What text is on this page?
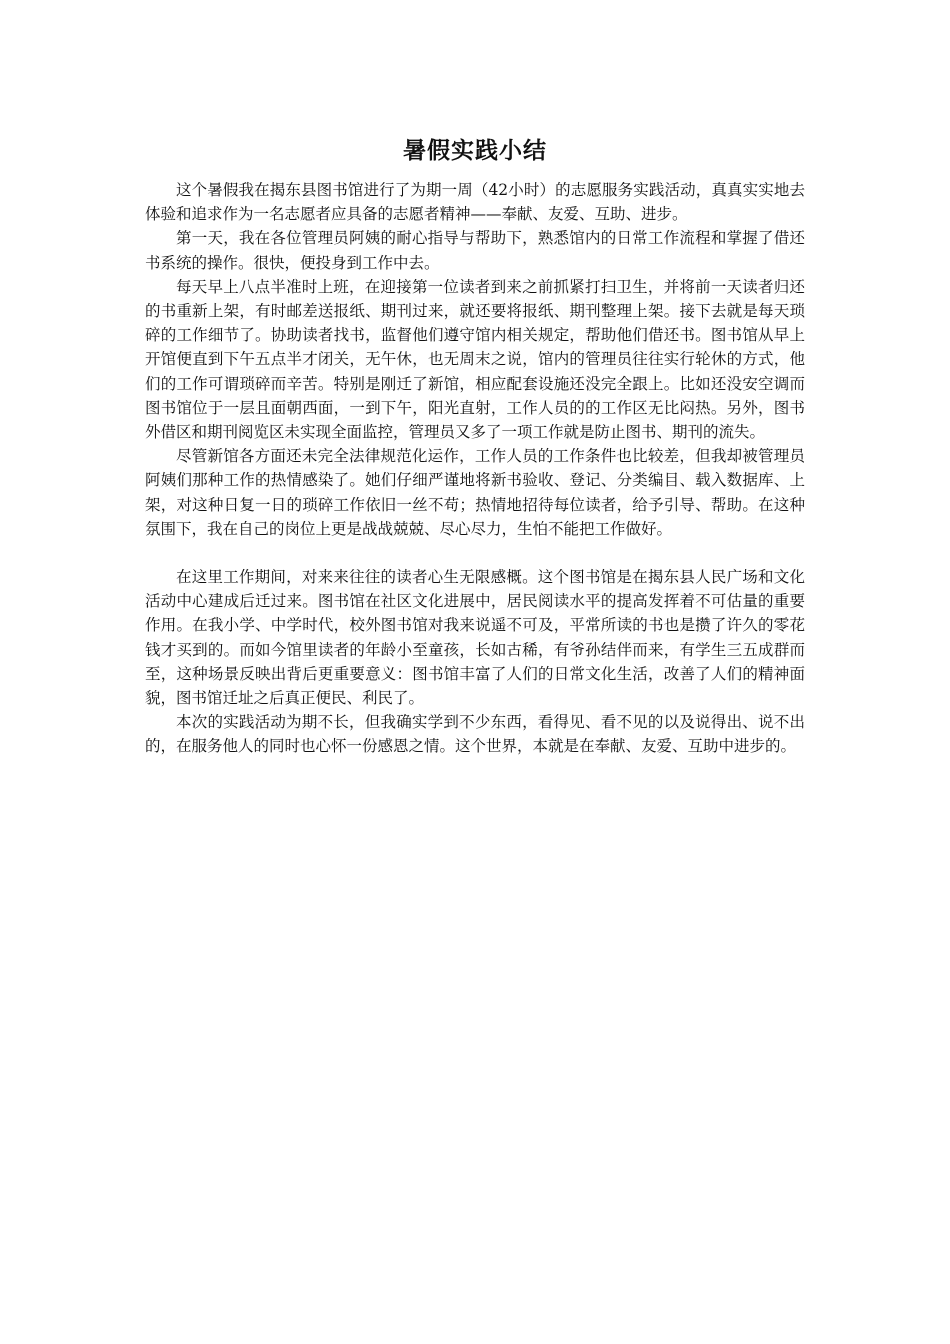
暑假实践小结

这个暑假我在揭东县图书馆进行了为期一周（42小时）的志愿服务实践活动，真真实实地去体验和追求作为一名志愿者应具备的志愿者精神——奉献、友爱、互助、进步。

第一天，我在各位管理员阿姨的耐心指导与帮助下，熟悉馆内的日常工作流程和掌握了借还书系统的操作。很快，便投身到工作中去。

每天早上八点半准时上班，在迎接第一位读者到来之前抓紧打扫卫生，并将前一天读者归还的书重新上架，有时邮差送报纸、期刊过来，就还要将报纸、期刊整理上架。接下去就是每天琐碎的工作细节了。协助读者找书，监督他们遵守馆内相关规定，帮助他们借还书。图书馆从早上开馆便直到下午五点半才闭关，无午休，也无周末之说，馆内的管理员往往实行轮休的方式，他们的工作可谓琐碎而辛苦。特别是刚迁了新馆，相应配套设施还没完全跟上。比如还没安空调而图书馆位于一层且面朝西面，一到下午，阳光直射，工作人员的的工作区无比闷热。另外，图书外借区和期刊阅览区未实现全面监控，管理员又多了一项工作就是防止图书、期刊的流失。

尽管新馆各方面还未完全法律规范化运作，工作人员的工作条件也比较差，但我却被管理员阿姨们那种工作的热情感染了。她们仔细严谨地将新书验收、登记、分类编目、载入数据库、上架，对这种日复一日的琐碎工作依旧一丝不苟；热情地招待每位读者，给予引导、帮助。在这种氛围下，我在自己的岗位上更是战战兢兢、尽心尽力，生怕不能把工作做好。

在这里工作期间，对来来往往的读者心生无限感概。这个图书馆是在揭东县人民广场和文化活动中心建成后迁过来。图书馆在社区文化进展中，居民阅读水平的提高发挥着不可估量的重要作用。在我小学、中学时代，校外图书馆对我来说遥不可及，平常所读的书也是攒了许久的零花钱才买到的。而如今馆里读者的年龄小至童孩，长如古稀，有爷孙结伴而来，有学生三五成群而至，这种场景反映出背后更重要意义：图书馆丰富了人们的日常文化生活，改善了人们的精神面貌，图书馆迁址之后真正便民、利民了。

本次的实践活动为期不长，但我确实学到不少东西，看得见、看不见的以及说得出、说不出的，在服务他人的同时也心怀一份感恩之情。这个世界，本就是在奉献、友爱、互助中进步的。
